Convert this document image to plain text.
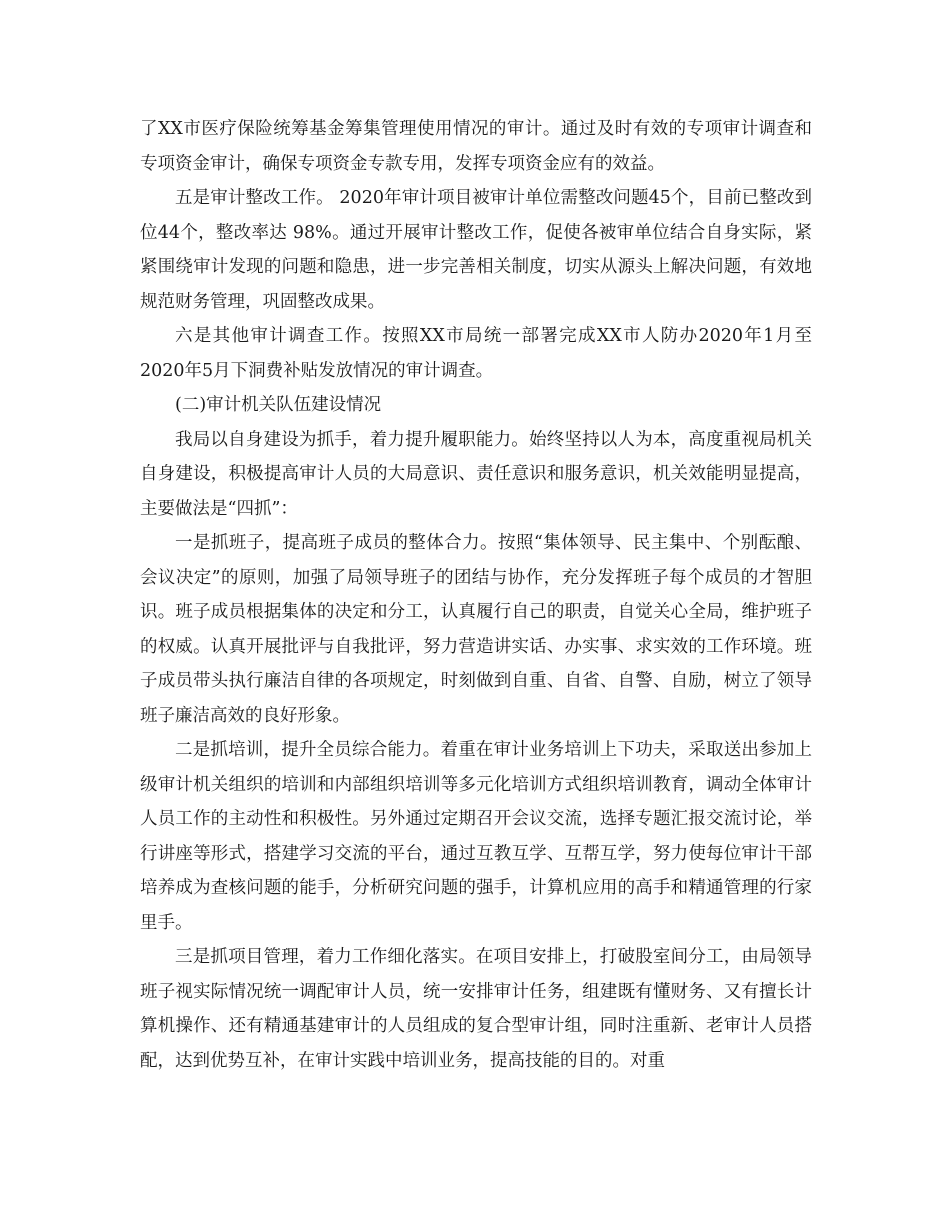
了XX市医疗保险统筹基金筹集管理使用情况的审计。通过及时有效的专项审计调查和专项资金审计，确保专项资金专款专用，发挥专项资金应有的效益。

五是审计整改工作。 2020年审计项目被审计单位需整改问题45个，目前已整改到位44个，整改率达 98%。通过开展审计整改工作，促使各被审单位结合自身实际，紧紧围绕审计发现的问题和隐患，进一步完善相关制度，切实从源头上解决问题，有效地规范财务管理，巩固整改成果。

六是其他审计调查工作。按照XX市局统一部署完成XX市人防办2020年1月至2020年5月下洞费补贴发放情况的审计调查。

(二)审计机关队伍建设情况

我局以自身建设为抓手，着力提升履职能力。始终坚持以人为本，高度重视局机关自身建设，积极提高审计人员的大局意识、责任意识和服务意识，机关效能明显提高，主要做法是“四抓”：

一是抓班子，提高班子成员的整体合力。按照“集体领导、民主集中、个别酝酿、会议决定”的原则，加强了局领导班子的团结与协作，充分发挥班子每个成员的才智胆识。班子成员根据集体的决定和分工，认真履行自己的职责，自觉关心全局，维护班子的权威。认真开展批评与自我批评，努力营造讲实话、办实事、求实效的工作环境。班子成员带头执行廉洁自律的各项规定，时刻做到自重、自省、自警、自励，树立了领导班子廉洁高效的良好形象。

二是抓培训，提升全员综合能力。着重在审计业务培训上下功夫，采取送出参加上级审计机关组织的培训和内部组织培训等多元化培训方式组织培训教育，调动全体审计人员工作的主动性和积极性。另外通过定期召开会议交流，选择专题汇报交流讨论，举行讲座等形式，搭建学习交流的平台，通过互教互学、互帮互学，努力使每位审计干部培养成为查核问题的能手，分析研究问题的强手，计算机应用的高手和精通管理的行家里手。

三是抓项目管理，着力工作细化落实。在项目安排上，打破股室间分工，由局领导班子视实际情况统一调配审计人员，统一安排审计任务，组建既有懂财务、又有擅长计算机操作、还有精通基建审计的人员组成的复合型审计组，同时注重新、老审计人员搭配，达到优势互补，在审计实践中培训业务，提高技能的目的。对重
